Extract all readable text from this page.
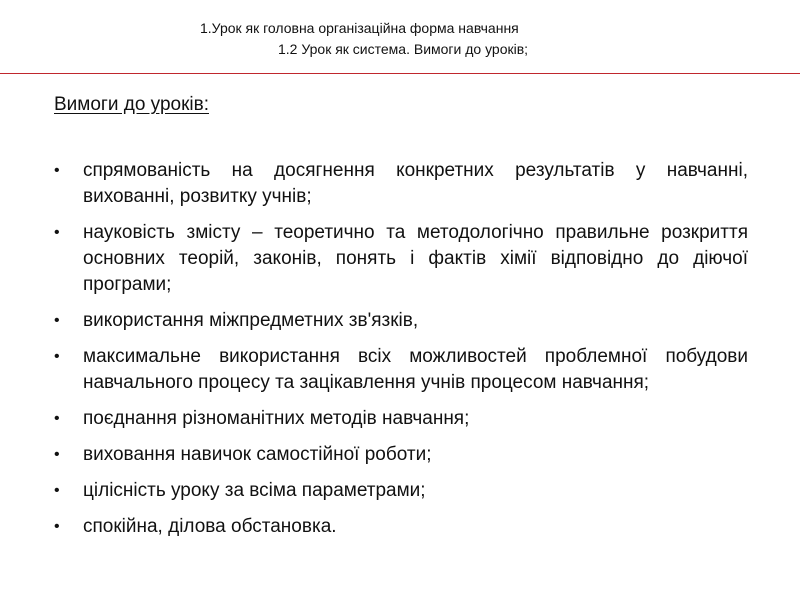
1.Урок як головна організаційна форма навчання
1.2 Урок як система. Вимоги до уроків;
Вимоги до уроків:
• спрямованість на досягнення конкретних результатів у навчанні, вихованні, розвитку учнів;
• науковість змісту – теоретично та методологічно правильне розкриття основних теорій, законів, понять і фактів хімії відповідно до діючої програми;
• використання міжпредметних зв'язків,
• максимальне використання всіх можливостей проблемної побудови навчального процесу та зацікавлення учнів процесом навчання;
• поєднання різноманітних методів навчання;
• виховання навичок самостійної роботи;
• цілісність уроку за всіма параметрами;
• спокійна, ділова обстановка.
